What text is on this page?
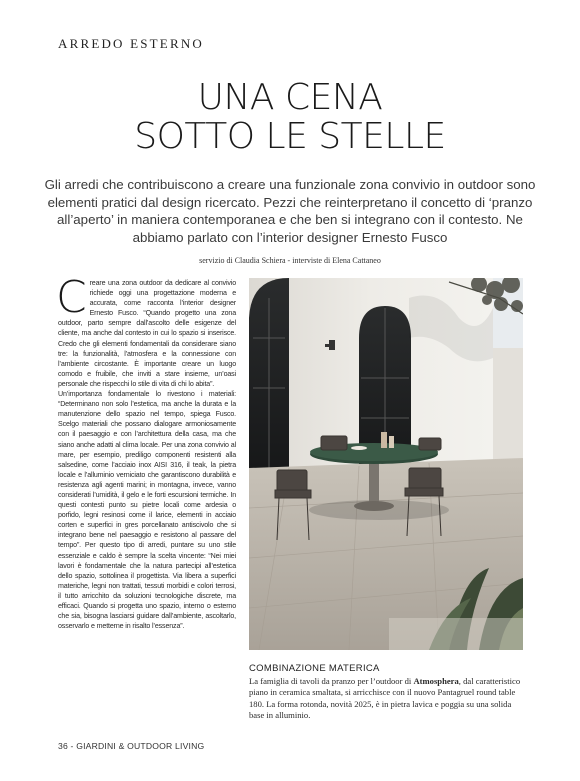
ARREDO ESTERNO
UNA CENA
SOTTO LE STELLE
Gli arredi che contribuiscono a creare una funzionale zona convivio in outdoor sono elementi pratici dal design ricercato. Pezzi che reinterpretano il concetto di ‘pranzo all’aperto’ in maniera contemporanea e che ben si integrano con il contesto. Ne abbiamo parlato con l’interior designer Ernesto Fusco
servizio di Claudia Schiera - interviste di Elena Cattaneo

Creare una zona outdoor da dedicare al convivio richiede oggi una progettazione moderna e accurata, come racconta l’interior designer Ernesto Fusco. “Quando progetto una zona outdoor, parto sempre dall’ascolto delle esigenze del cliente, ma anche dal contesto in cui lo spazio si inserisce. Credo che gli elementi fondamentali da considerare siano tre: la funzionalità, l’atmosfera e la connessione con l’ambiente circostante. È importante creare un luogo comodo e fruibile, che inviti a stare insieme, un’oasi personale che rispecchi lo stile di vita di chi lo abita”.

Un’importanza fondamentale lo rivestono i materiali: “Determinano non solo l’estetica, ma anche la durata e la manutenzione dello spazio nel tempo, spiega Fusco. Scelgo materiali che possano dialogare armoniosamente con il paesaggio e con l’architettura della casa, ma che siano anche adatti al clima locale. Per una zona convivio al mare, per esempio, prediligo componenti resistenti alla salsedine, come l’acciaio inox AISI 316, il teak, la pietra locale e l’alluminio verniciato che garantiscono durabilità e resistenza agli agenti marini; in montagna, invece, vanno considerati l’umidità, il gelo e le forti escursioni termiche. In questi contesti punto su pietre locali come ardesia o porfido, legni resinosi come il larice, elementi in acciaio corten e superfici in gres porcellanato antiscivolo che si integrano bene nel paesaggio e resistono al passare del tempo”. Per questo tipo di arredi, puntare su uno stile essenziale e caldo è sempre la scelta vincente: “Nei miei lavori è fondamentale che la natura partecipi all’estetica dello spazio, sottolinea il progettista. Via libera a superfici materiche, legni non trattati, tessuti morbidi e colori terrosi, il tutto arricchito da soluzioni tecnologiche discrete, ma efficaci. Quando si progetta uno spazio, interno o esterno che sia, bisogna lasciarsi guidare dall’ambiente, ascoltarlo, osservarlo e metterne in risalto l’essenza”.

COMBINAZIONE MATERICA
La famiglia di tavoli da pranzo per l’outdoor di Atmosphera, dal caratteristico piano in ceramica smaltata, si arricchisce con il nuovo Pantagruel round table 180. La forma rotonda, novità 2025, è in pietra lavica e poggia su una solida base in alluminio.
36 - GIARDINI & OUTDOOR LIVING
